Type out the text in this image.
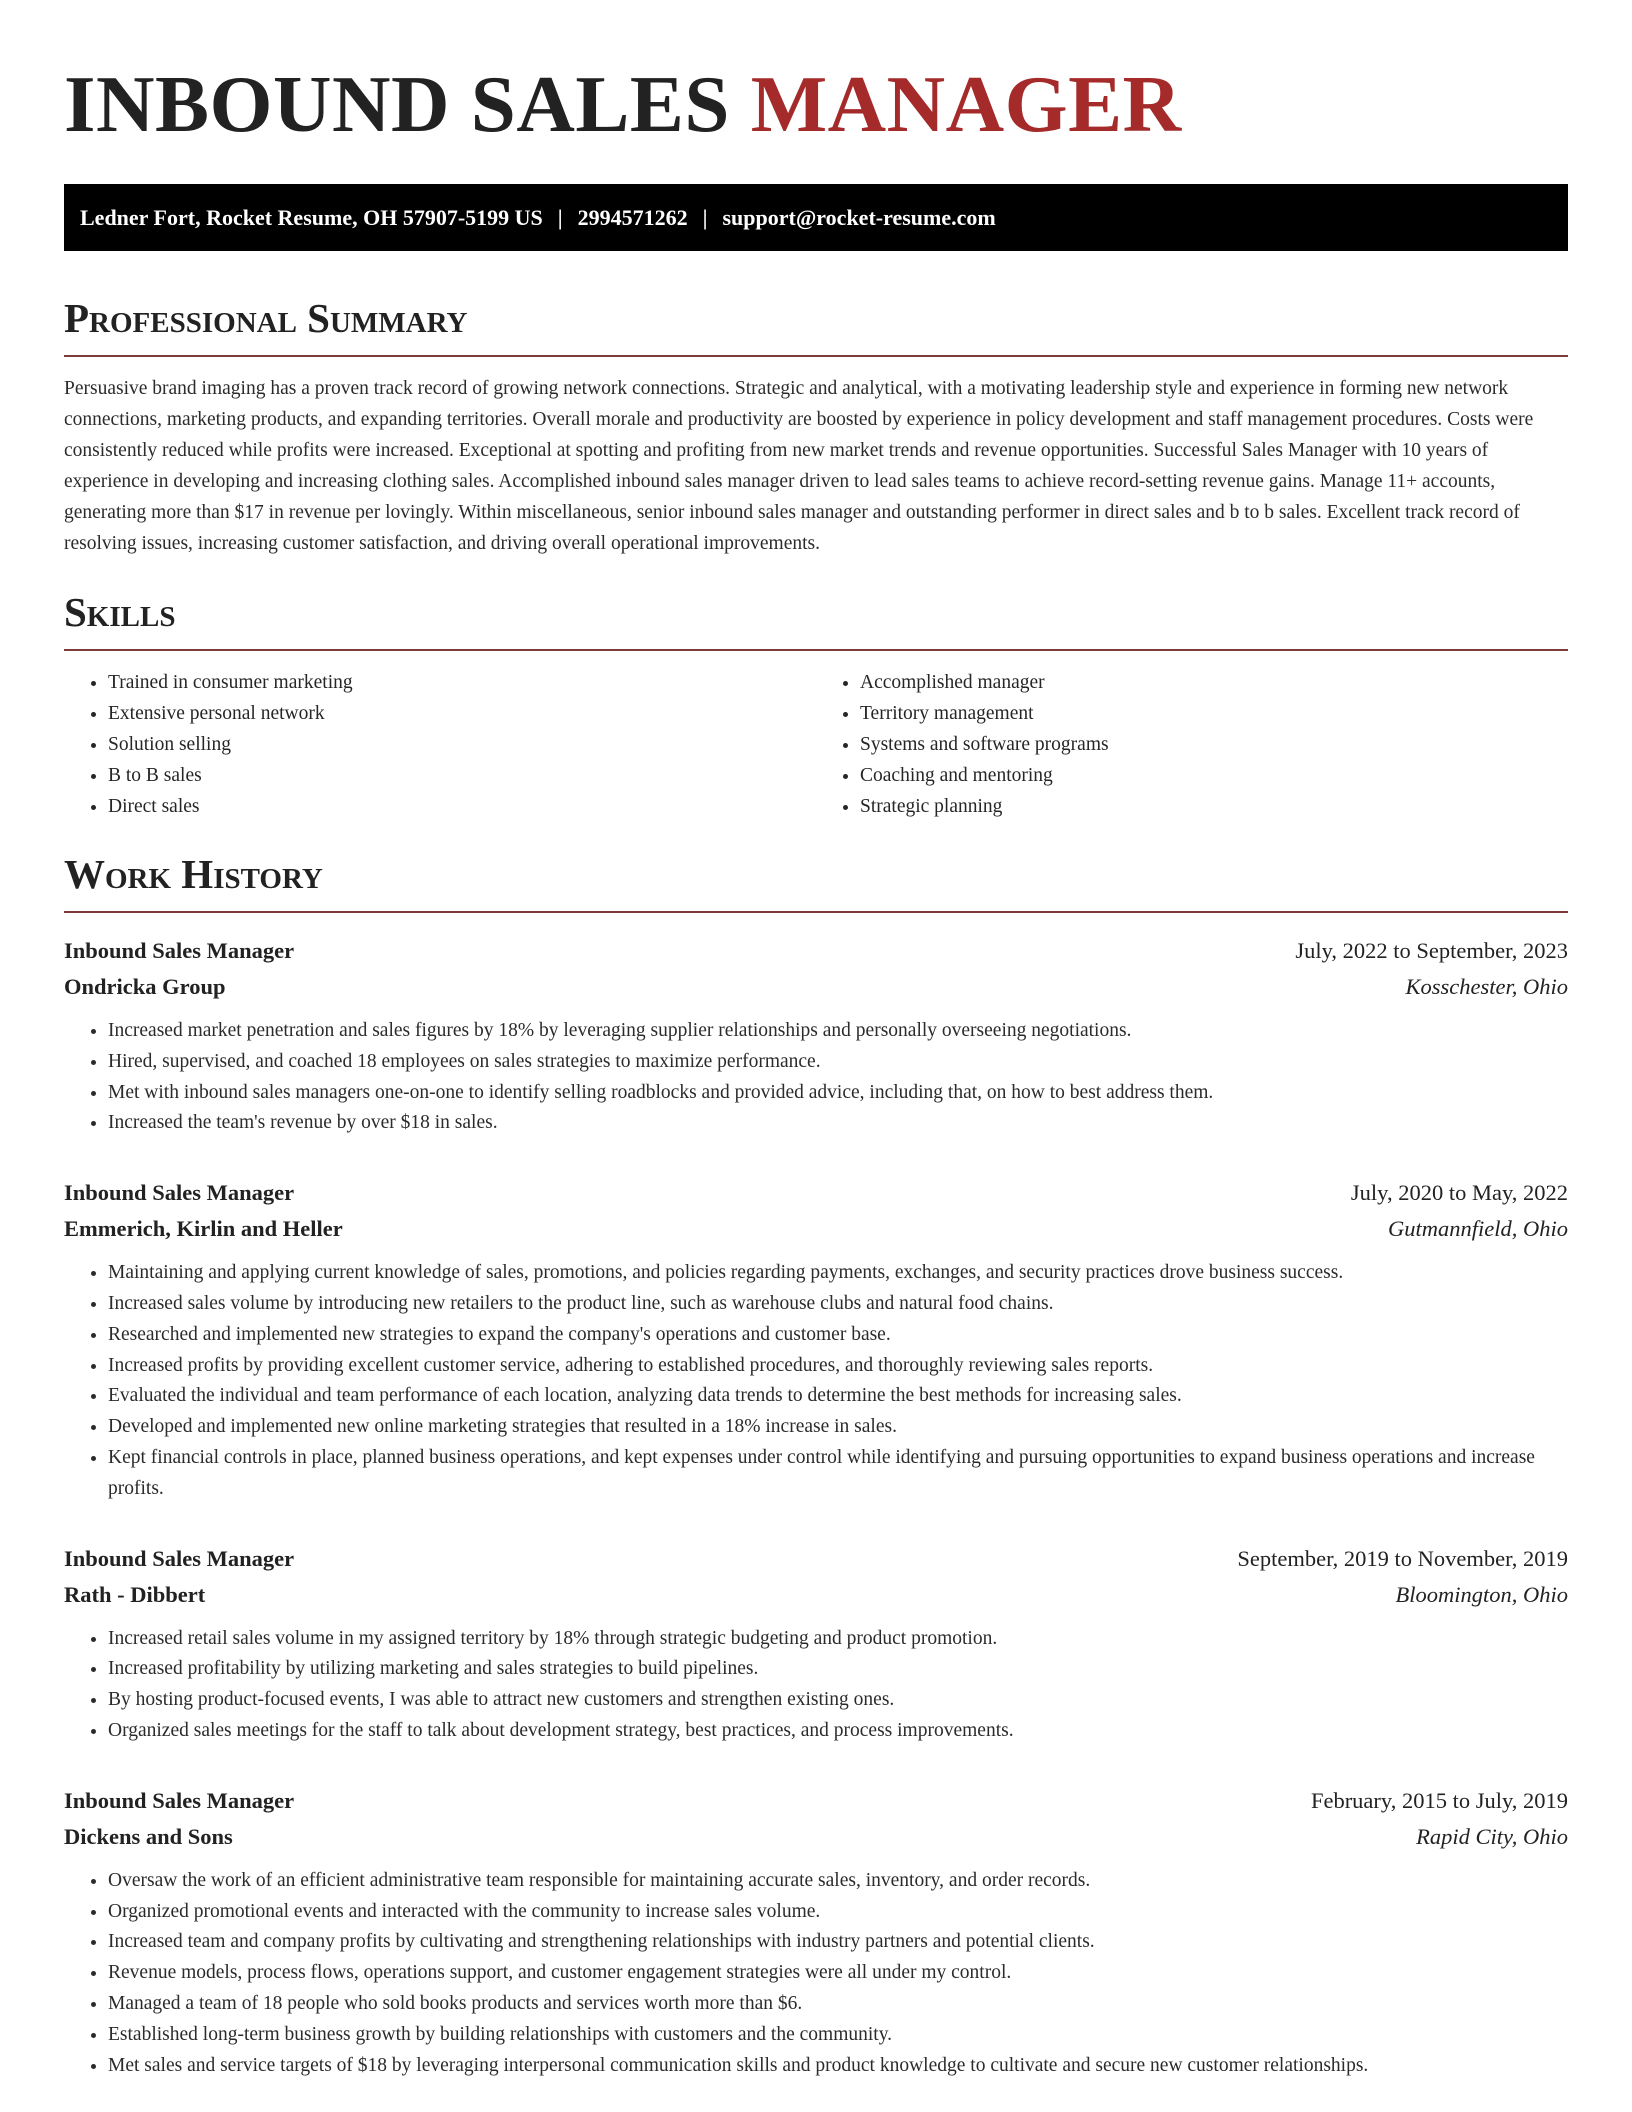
INBOUND SALES MANAGER
Ledner Fort, Rocket Resume, OH 57907-5199 US | 2994571262 | support@rocket-resume.com
Professional Summary

Persuasive brand imaging has a proven track record of growing network connections. Strategic and analytical, with a motivating leadership style and experience in forming new network connections, marketing products, and expanding territories. Overall morale and productivity are boosted by experience in policy development and staff management procedures. Costs were consistently reduced while profits were increased. Exceptional at spotting and profiting from new market trends and revenue opportunities. Successful Sales Manager with 10 years of experience in developing and increasing clothing sales. Accomplished inbound sales manager driven to lead sales teams to achieve record-setting revenue gains. Manage 11+ accounts, generating more than $17 in revenue per lovingly. Within miscellaneous, senior inbound sales manager and outstanding performer in direct sales and b to b sales. Excellent track record of resolving issues, increasing customer satisfaction, and driving overall operational improvements.

Skills
• Trained in consumer marketing
• Extensive personal network
• Solution selling
• B to B sales
• Direct sales
• Accomplished manager
• Territory management
• Systems and software programs
• Coaching and mentoring
• Strategic planning
Work History
Inbound Sales Manager	July, 2022 to September, 2023
Ondricka Group	Kosschester, Ohio
• Increased market penetration and sales figures by 18% by leveraging supplier relationships and personally overseeing negotiations.
• Hired, supervised, and coached 18 employees on sales strategies to maximize performance.
• Met with inbound sales managers one-on-one to identify selling roadblocks and provided advice, including that, on how to best address them.
• Increased the team's revenue by over $18 in sales.
Inbound Sales Manager	July, 2020 to May, 2022
Emmerich, Kirlin and Heller	Gutmannfield, Ohio
• Maintaining and applying current knowledge of sales, promotions, and policies regarding payments, exchanges, and security practices drove business success.
• Increased sales volume by introducing new retailers to the product line, such as warehouse clubs and natural food chains.
• Researched and implemented new strategies to expand the company's operations and customer base.
• Increased profits by providing excellent customer service, adhering to established procedures, and thoroughly reviewing sales reports.
• Evaluated the individual and team performance of each location, analyzing data trends to determine the best methods for increasing sales.
• Developed and implemented new online marketing strategies that resulted in a 18% increase in sales.
• Kept financial controls in place, planned business operations, and kept expenses under control while identifying and pursuing opportunities to expand business operations and increase profits.
Inbound Sales Manager	September, 2019 to November, 2019
Rath - Dibbert	Bloomington, Ohio
• Increased retail sales volume in my assigned territory by 18% through strategic budgeting and product promotion.
• Increased profitability by utilizing marketing and sales strategies to build pipelines.
• By hosting product-focused events, I was able to attract new customers and strengthen existing ones.
• Organized sales meetings for the staff to talk about development strategy, best practices, and process improvements.
Inbound Sales Manager	February, 2015 to July, 2019
Dickens and Sons	Rapid City, Ohio
• Oversaw the work of an efficient administrative team responsible for maintaining accurate sales, inventory, and order records.
• Organized promotional events and interacted with the community to increase sales volume.
• Increased team and company profits by cultivating and strengthening relationships with industry partners and potential clients.
• Revenue models, process flows, operations support, and customer engagement strategies were all under my control.
• Managed a team of 18 people who sold books products and services worth more than $6.
• Established long-term business growth by building relationships with customers and the community.
• Met sales and service targets of $18 by leveraging interpersonal communication skills and product knowledge to cultivate and secure new customer relationships.
